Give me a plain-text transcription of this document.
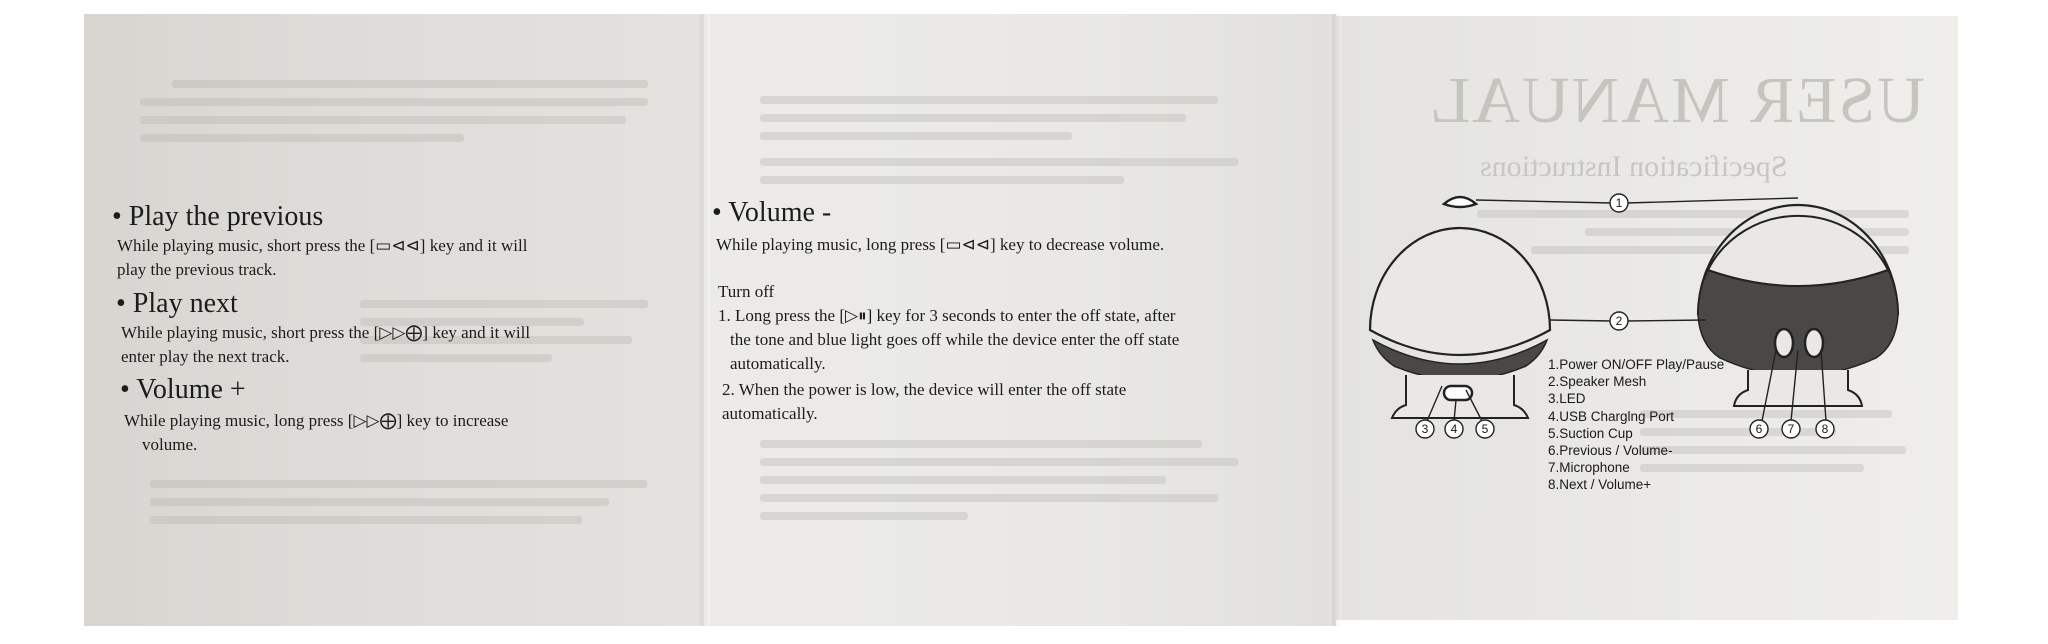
USER MANUAL
Specification Instructions
• Play the previous
While playing music, short press the [▭⊲⊲] key and it will
play the previous track.
• Play next
While playing music, short press the [▷▷⨁] key and it will
enter play the next track.
• Volume +
While playing music, long press [▷▷⨁] key to increase
volume.
• Volume -
While playing music, long press [▭⊲⊲] key to decrease volume.
Turn off
1. Long press the [▷⏸] key for 3 seconds to enter the off state, after
the tone and blue light goes off while the device enter the off state
automatically.
2. When the power is low, the device will enter the off state
automatically.
1
2
3 4 5	6 7 8
1.Power ON/OFF Play/Pause
2.Speaker Mesh
3.LED
4.USB Charglng Port
5.Suction Cup
6.Previous / Volume-
7.Microphone
8.Next / Volume+
